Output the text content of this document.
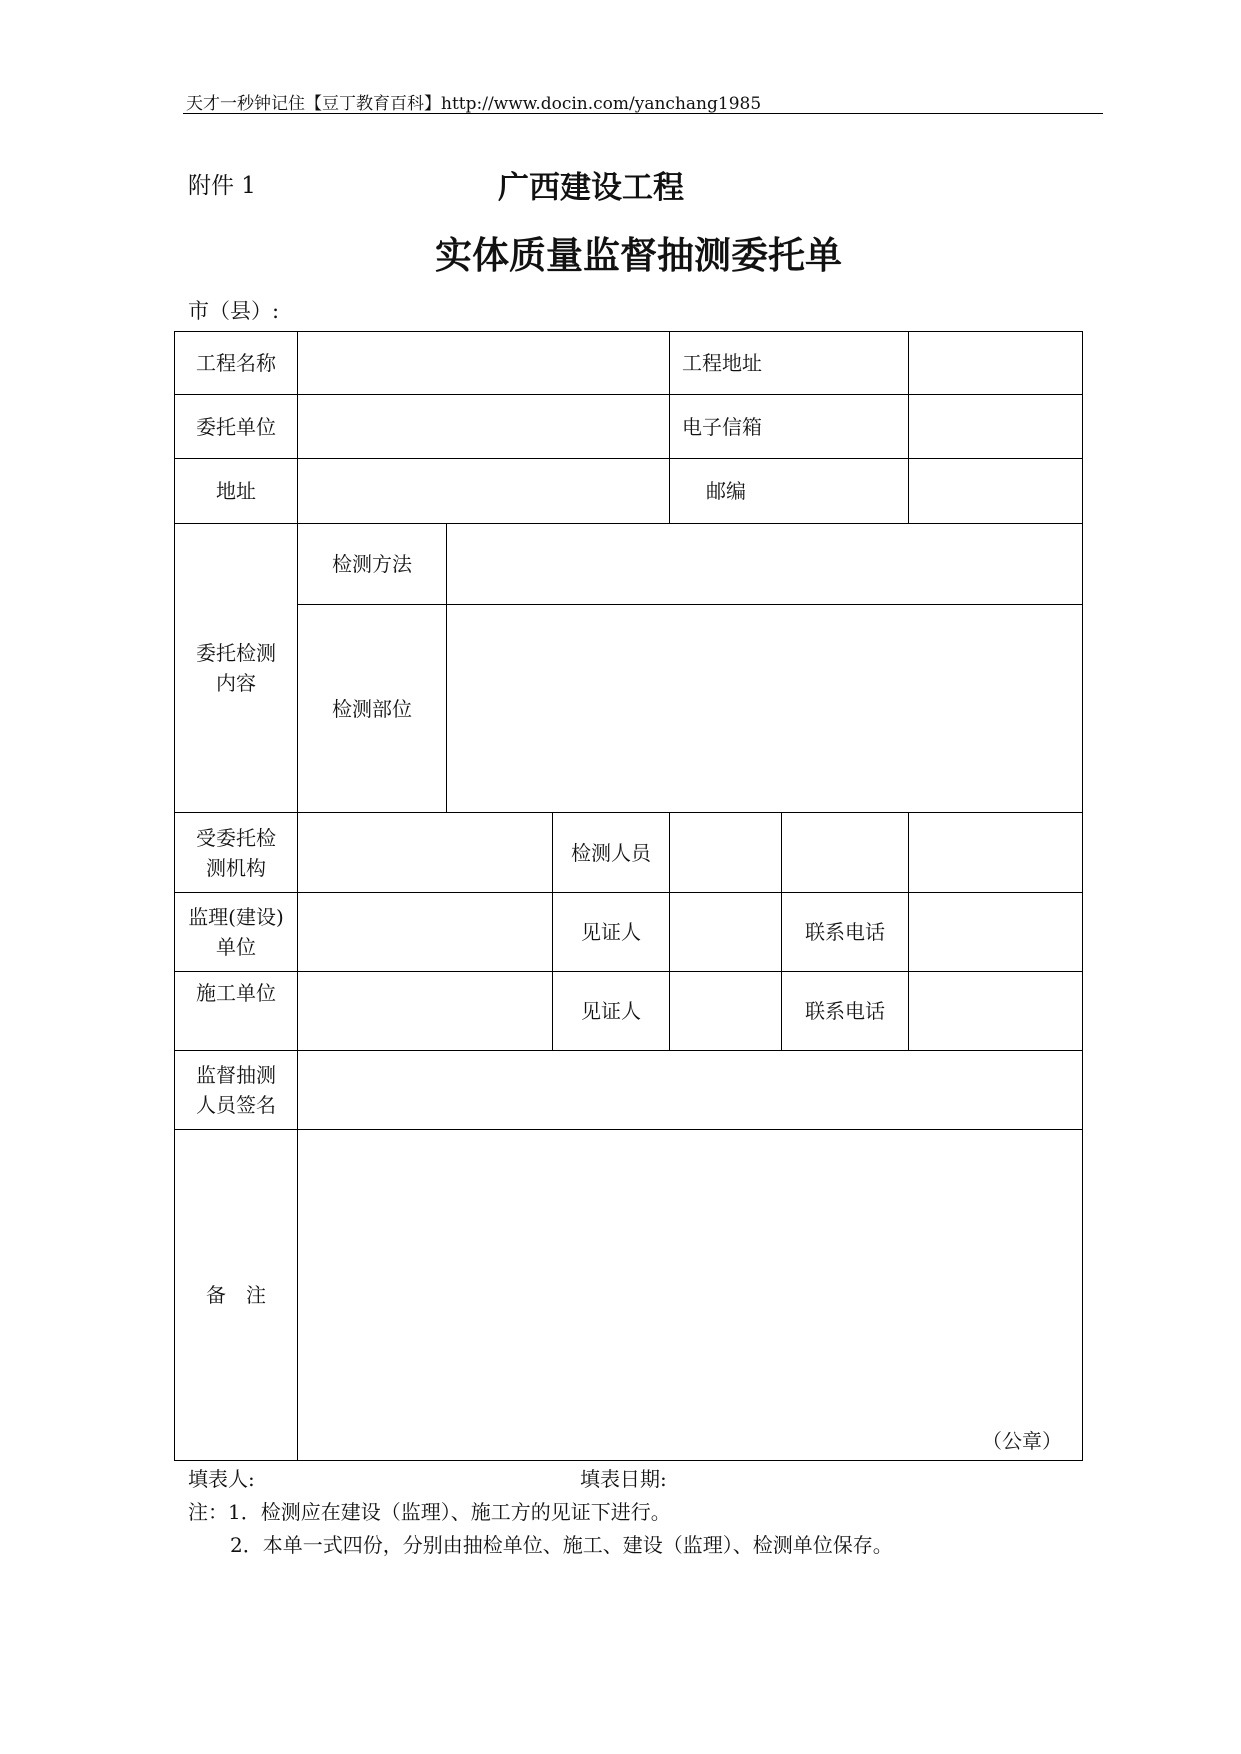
天才一秒钟记住【豆丁教育百科】http://www.docin.com/yanchang1985
附件 1	广西建设工程
实体质量监督抽测委托单
市（县）:
工程名称				工程地址		
委托单位				电子信箱		
地址				邮编		
委托检测
内容	检测方法					
	检测部位					
受委托检
测机构			检测人员			
监理(建设)
单位			见证人		联系电话	
施工单位			见证人		联系电话	
监督抽测
人员签名						
备　注	（公章）					
填表人:	填表日期:
注：1．检测应在建设（监理）、施工方的见证下进行。
2．本单一式四份，分别由抽检单位、施工、建设（监理）、检测单位保存。
